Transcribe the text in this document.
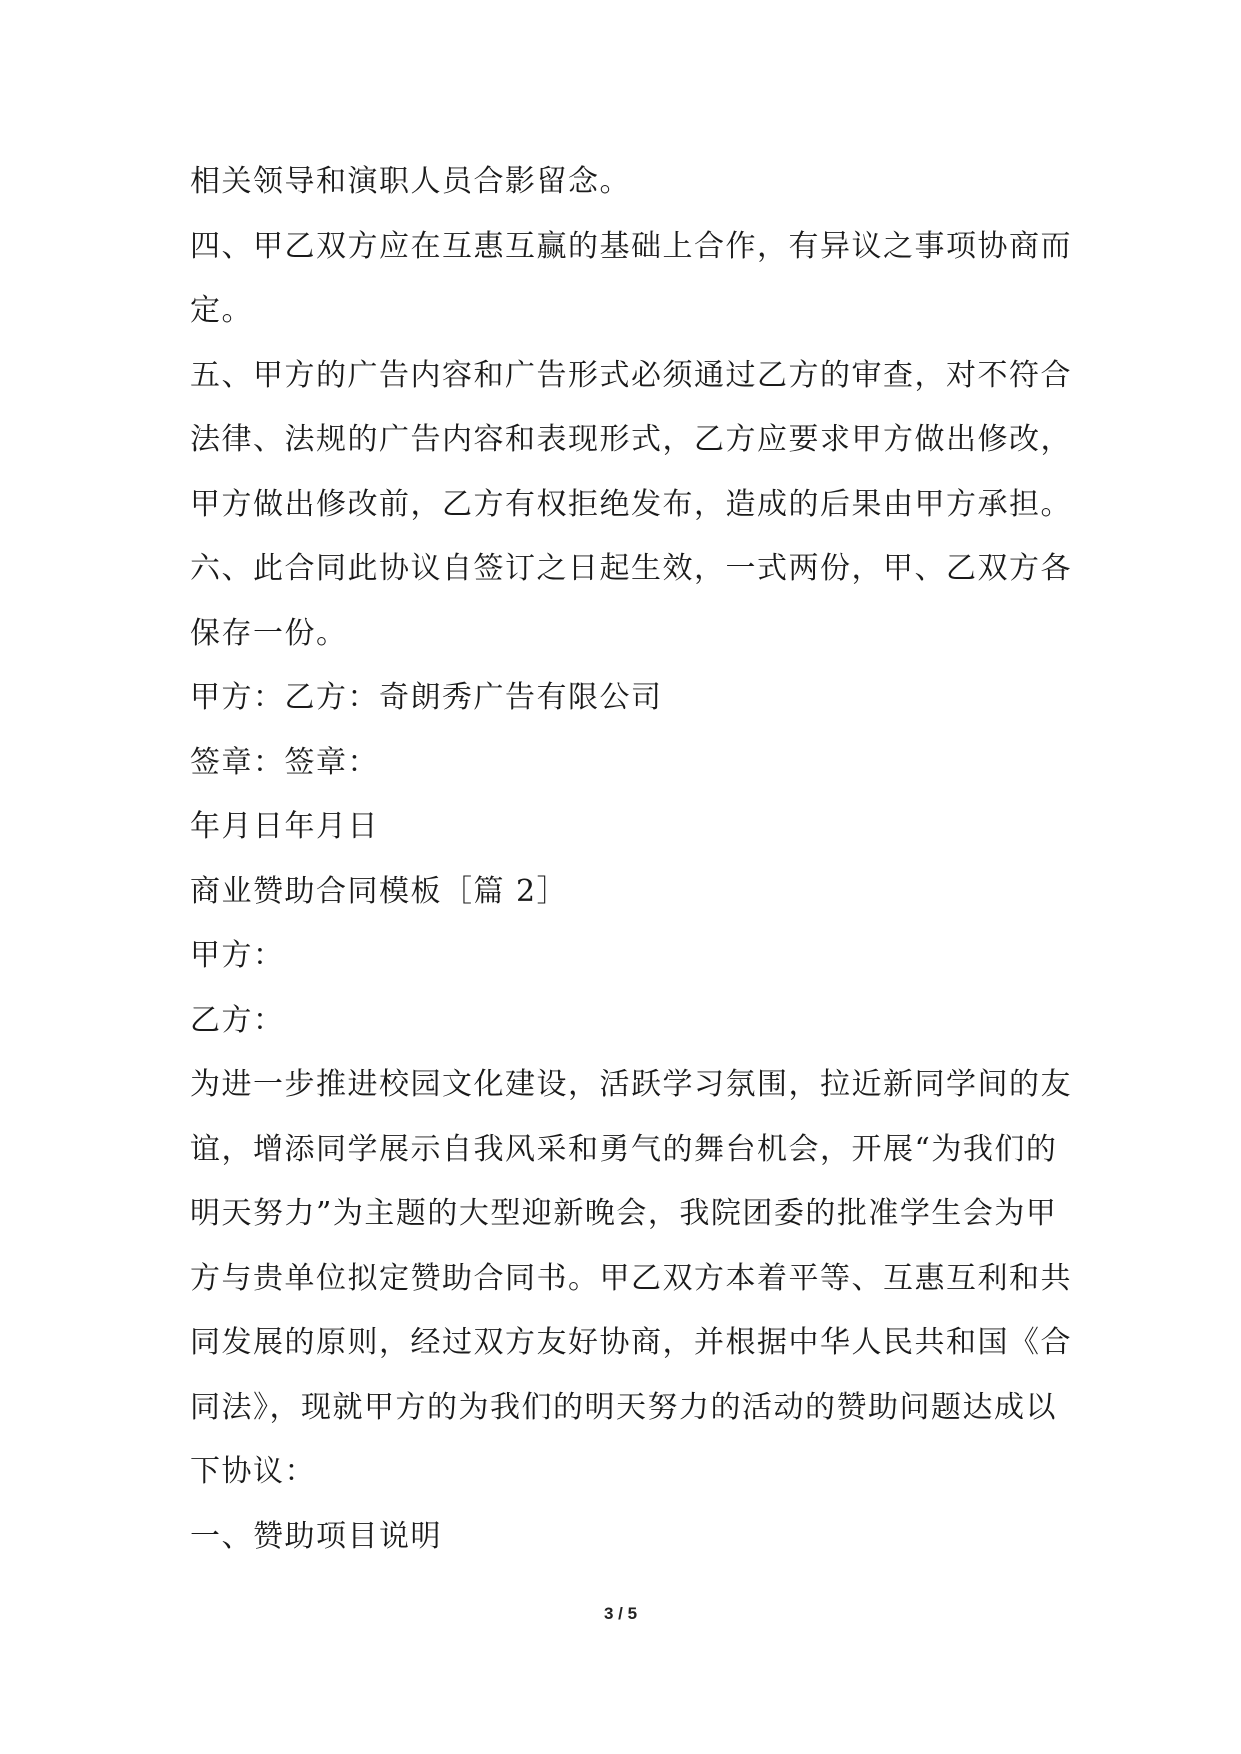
相关领导和演职人员合影留念。
四、甲乙双方应在互惠互赢的基础上合作，有异议之事项协商而
定。
五、甲方的广告内容和广告形式必须通过乙方的审查，对不符合
法律、法规的广告内容和表现形式，乙方应要求甲方做出修改，
甲方做出修改前，乙方有权拒绝发布，造成的后果由甲方承担。
六、此合同此协议自签订之日起生效，一式两份，甲、乙双方各
保存一份。
甲方：乙方：奇朗秀广告有限公司
签章：签章：
年月日年月日
商业赞助合同模板［篇 2］
甲方：
乙方：
为进一步推进校园文化建设，活跃学习氛围，拉近新同学间的友
谊，增添同学展示自我风采和勇气的舞台机会，开展“为我们的
明天努力”为主题的大型迎新晚会，我院团委的批准学生会为甲
方与贵单位拟定赞助合同书。甲乙双方本着平等、互惠互利和共
同发展的原则，经过双方友好协商，并根据中华人民共和国《合
同法》，现就甲方的为我们的明天努力的活动的赞助问题达成以
下协议：
一、赞助项目说明
3 / 5
